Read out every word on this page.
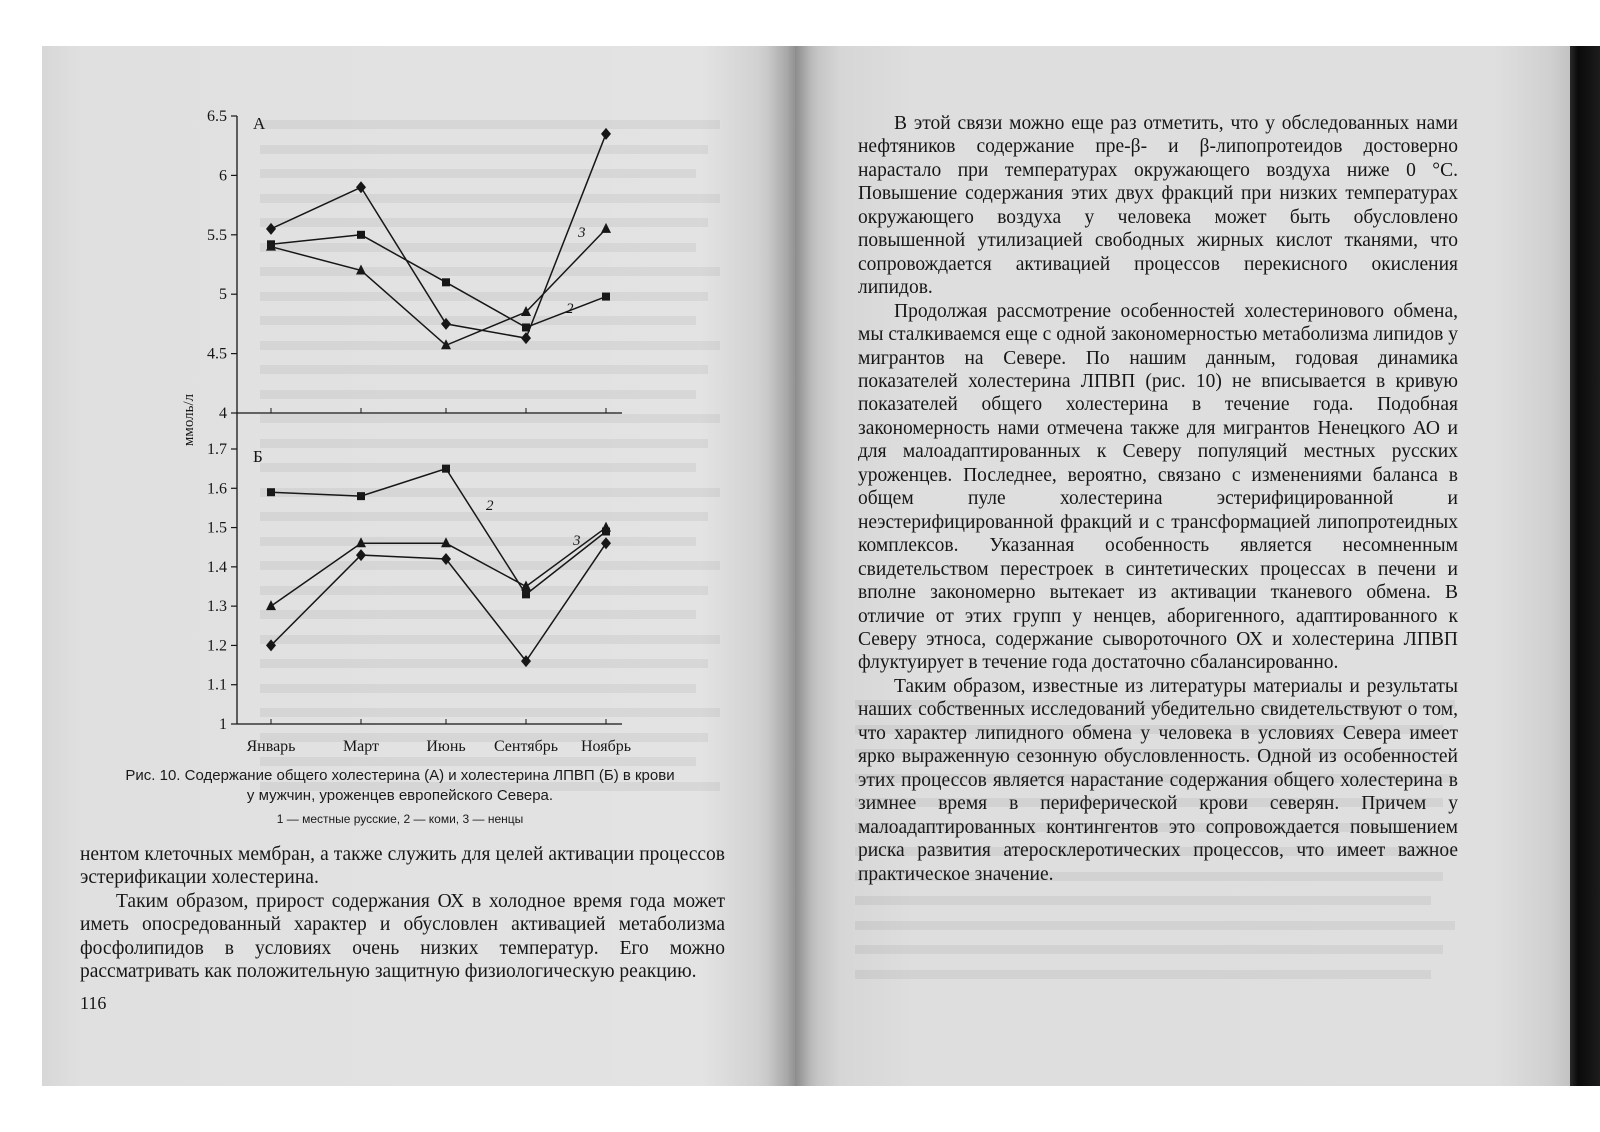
ммоль/л
6.5
6
5.5
5
4.5
4
А
1.7
1.6
1.5
1.4
1.3
1.2
1.1
1
Б
2
3
2
3
Январь	Март	Июнь Сентябрь Ноябрь
Рис. 10. Содержание общего холестерина (А) и холестерина ЛПВП (Б) в крови
у мужчин, уроженцев европейского Севера.
1 — местные русские, 2 — коми, 3 — ненцы

нентом клеточных мембран, а также служить для целей активации процессов эстерификации холестерина.

Таким образом, прирост содержания ОХ в холодное время года может иметь опосредованный характер и обусловлен активацией метаболизма фосфолипидов в условиях очень низких температур. Его можно рассматривать как положительную защитную физиологическую реакцию.

116

В этой связи можно еще раз отметить, что у обследованных нами нефтяников содержание пре-β- и β-липопротеидов достоверно нарастало при температурах окружающего воздуха ниже 0 °С. Повышение содержания этих двух фракций при низких температурах окружающего воздуха у человека может быть обусловлено повышенной утилизацией свободных жирных кислот тканями, что сопровождается активацией процессов перекисного окисления липидов.

Продолжая рассмотрение особенностей холестеринового обмена, мы сталкиваемся еще с одной закономерностью метаболизма липидов у мигрантов на Севере. По нашим данным, годовая динамика показателей холестерина ЛПВП (рис. 10) не вписывается в кривую показателей общего холестерина в течение года. Подобная закономерность нами отмечена также для мигрантов Ненецкого АО и для малоадаптированных к Северу популяций местных русских уроженцев. Последнее, вероятно, связано с изменениями баланса в общем пуле холестерина эстерифицированной и неэстерифицированной фракций и с трансформацией липопротеидных комплексов. Указанная особенность является несомненным свидетельством перестроек в синтетических процессах в печени и вполне закономерно вытекает из активации тканевого обмена. В отличие от этих групп у ненцев, аборигенного, адаптированного к Северу этноса, содержание сывороточного ОХ и холестерина ЛПВП флуктуирует в течение года достаточно сбалансированно.

Таким образом, известные из литературы материалы и результаты наших собственных исследований убедительно свидетельствуют о том, что характер липидного обмена у человека в условиях Севера имеет ярко выраженную сезонную обусловленность. Одной из особенностей этих процессов является нарастание содержания общего холестерина в зимнее время в периферической крови северян. Причем у малоадаптированных контингентов это сопровождается повышением риска развития атеросклеротических процессов, что имеет важное практическое значение.
